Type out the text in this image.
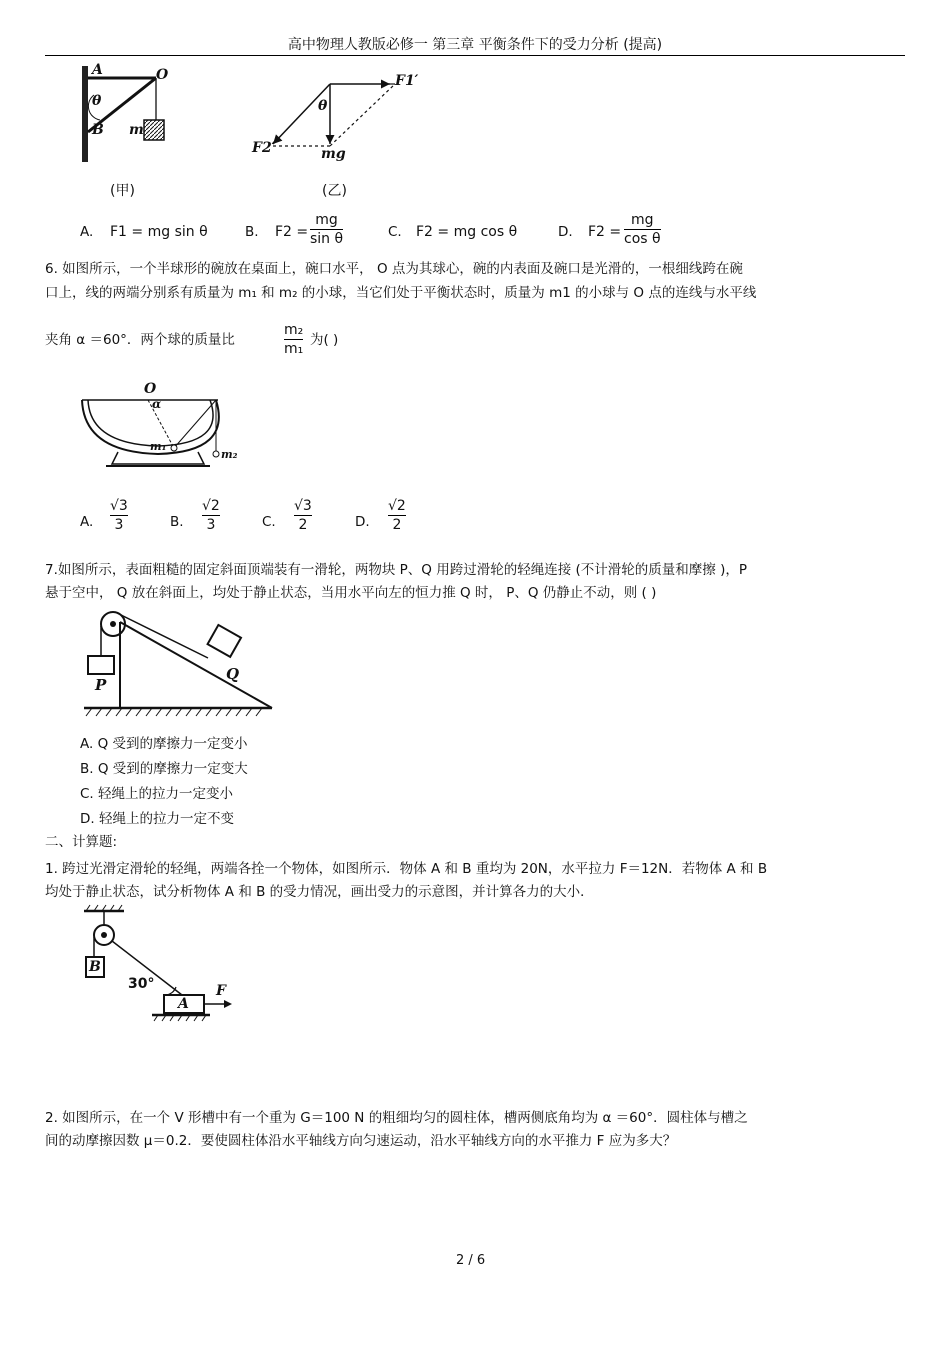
高中物理人教版必修一 第三章 平衡条件下的受力分析 (提高)
A	O
θ
B m
(甲)
F1′
θ
F2′	mg
(乙)
A. F1 = mg sin θ	B. F2 =
mg
sin θ	C. F2 = mg cos θ	D. F2 =
mg
cos θ
6. 如图所示，一个半球形的碗放在桌面上，碗口水平， O 点为其球心，碗的内表面及碗口是光滑的，一根细线跨在碗
口上，线的两端分别系有质量为 m₁ 和 m₂ 的小球，当它们处于平衡状态时，质量为 m1 的小球与 O 点的连线与水平线
夹角 α ＝60°．两个球的质量比
m₂
m₁
为( )
O
α
m₁
m₂
A.
√3
3	B.
√2
3	C.
√3
2	D.
√2
2
7.如图所示，表面粗糙的固定斜面顶端装有一滑轮，两物块 P、Q 用跨过滑轮的轻绳连接 (不计滑轮的质量和摩擦 )，P
悬于空中， Q 放在斜面上，均处于静止状态，当用水平向左的恒力推 Q 时， P、Q 仍静止不动，则 ( )
P
Q
A. Q 受到的摩擦力一定变小
B. Q 受到的摩擦力一定变大
C. 轻绳上的拉力一定变小
D. 轻绳上的拉力一定不变
二、计算题:
1. 跨过光滑定滑轮的轻绳，两端各拴一个物体，如图所示．物体 A 和 B 重均为 20N，水平拉力 F＝12N．若物体 A 和 B
均处于静止状态，试分析物体 A 和 B 的受力情况，画出受力的示意图，并计算各力的大小．
B
30°
A
F
2. 如图所示，在一个 V 形槽中有一个重为 G＝100 N 的粗细均匀的圆柱体，槽两侧底角均为 α ＝60°．圆柱体与槽之
间的动摩擦因数 μ＝0.2．要使圆柱体沿水平轴线方向匀速运动，沿水平轴线方向的水平推力 F 应为多大？
2 / 6
